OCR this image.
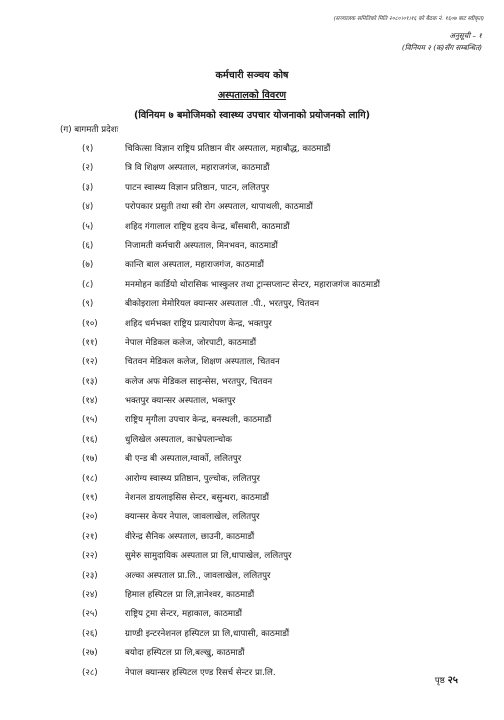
(सञ्चालक समितिको मिति २०८०।०९।१६ को बैठक नं. १६०७ बाट स्वीकृत)
अनुसूची – १
(विनियम २ (क)सँग सम्बन्धित)
कर्मचारी सञ्चय कोष
अस्पतालको विवरण
(विनियम ७ बमोजिमको स्वास्थ्य उपचार योजनाको प्रयोजनको लागि)
(ग) बागमती प्रदेशः
(१)	चिकित्सा विज्ञान राष्ट्रिय प्रतिष्ठान वीर अस्पताल, महाबौद्ध, काठमाडौं
(२)	त्रि वि शिक्षण अस्पताल, महाराजगंज, काठमाडौं
(३)	पाटन स्वास्थ्य विज्ञान प्रतिष्ठान, पाटन, ललितपुर
(४)	परोपकार प्रसुती तथा स्त्री रोग अस्पताल, थापाथली, काठमाडौं
(५)	शहिद गंगालाल राष्ट्रिय हृदय केन्द्र, बाँसबारी, काठमाडौं
(६)	निजामती कर्मचारी अस्पताल, मिनभवन, काठमाडौं
(७)	कान्ति बाल अस्पताल, महाराजगंज, काठमाडौं
(८)	मनमोहन कार्डियो थोरासिक भास्कुलर तथा ट्रान्सप्लान्ट सेन्टर, महाराजगंज काठमाडौं
(९)	बीकोइराला मेमोरियल क्यान्सर अस्पताल .पी., भरतपुर, चितवन
(१०)	शहिद धर्मभक्त राष्ट्रिय प्रत्यारोपण केन्द्र, भक्तपुर
(११)	नेपाल मेडिकल कलेज, जोरपाटी, काठमाडौं
(१२)	चितवन मेडिकल कलेज, शिक्षण अस्पताल, चितवन
(१३)	कलेज अफ मेडिकल साइन्सेस, भरतपुर, चितवन
(१४)	भक्तपुर क्यान्सर अस्पताल, भक्तपुर
(१५)	राष्ट्रिय मृगौला उपचार केन्द्र, बनस्थली, काठमाडौं
(१६)	धुलिखेल अस्पताल, काभ्रेपलान्चोक
(१७)	बी एन्ड बी अस्पताल,ग्वार्को, ललितपुर
(१८)	आरोग्य स्वास्थ्य प्रतिष्ठान, पुल्चोक, ललितपुर
(१९)	नेशनल डायलाइसिस सेन्टर, बसुन्धरा, काठमाडौं
(२०)	क्यान्सर केयर नेपाल, जावलाखेल, ललितपुर
(२१)	वीरेन्द्र सैनिक अस्पताल, छाउनी, काठमाडौं
(२२)	सुमेरु सामुदायिक अस्पताल प्रा लि,धापाखेल, ललितपुर
(२३)	अल्का अस्पताल प्रा.लि., जावलाखेल, ललितपुर
(२४)	हिमाल हस्पिटल प्रा लि,ज्ञानेश्वर, काठमाडौं
(२५)	राष्ट्रिय ट्रमा सेन्टर, महाकाल, काठमाडौं
(२६)	ग्राण्डी इन्टरनेशनल हस्पिटल प्रा लि,धापासी, काठमाडौं
(२७)	बयोदा हस्पिटल प्रा लि,बल्खु, काठमाडौं
(२८)	नेपाल क्यान्सर हस्पिटल एण्ड रिसर्च सेन्टर प्रा.लि.
पृष्ठ २५
